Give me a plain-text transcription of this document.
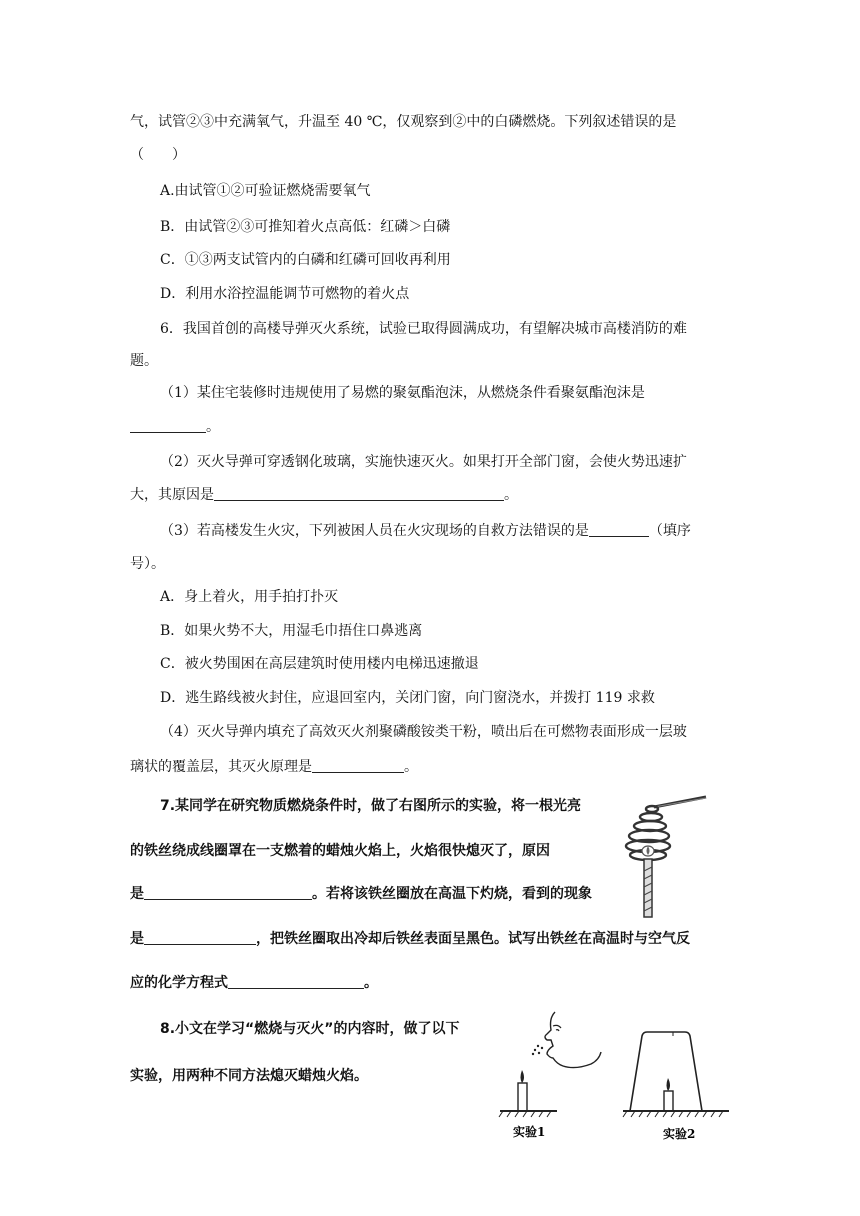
气，试管②③中充满氧气，升温至 40 ℃，仅观察到②中的白磷燃烧。下列叙述错误的是
（　　）
A.由试管①②可验证燃烧需要氧气
B．由试管②③可推知着火点高低：红磷＞白磷
C．①③两支试管内的白磷和红磷可回收再利用
D．利用水浴控温能调节可燃物的着火点
6．我国首创的高楼导弹灭火系统，试验已取得圆满成功，有望解决城市高楼消防的难
题。
（1）某住宅装修时违规使用了易燃的聚氨酯泡沫，从燃烧条件看聚氨酯泡沫是
。
（2）灭火导弹可穿透钢化玻璃，实施快速灭火。如果打开全部门窗，会使火势迅速扩
大，其原因是	。
（3）若高楼发生火灾，下列被困人员在火灾现场的自救方法错误的是	（填序
号）。
A．身上着火，用手拍打扑灭
B．如果火势不大，用湿毛巾捂住口鼻逃离
C．被火势围困在高层建筑时使用楼内电梯迅速撤退
D．逃生路线被火封住，应退回室内，关闭门窗，向门窗浇水，并拨打 119 求救
（4）灭火导弹内填充了高效灭火剂聚磷酸铵类干粉，喷出后在可燃物表面形成一层玻
璃状的覆盖层，其灭火原理是	。
7.某同学在研究物质燃烧条件时，做了右图所示的实验，将一根光亮
的铁丝绕成线圈罩在一支燃着的蜡烛火焰上，火焰很快熄灭了，原因
是	。若将该铁丝圈放在高温下灼烧，看到的现象
是	，把铁丝圈取出冷却后铁丝表面呈黑色。试写出铁丝在高温时与空气反
应的化学方程式	。
8.小文在学习“燃烧与灭火”的内容时，做了以下
实验，用两种不同方法熄灭蜡烛火焰。
实验1	实验2
